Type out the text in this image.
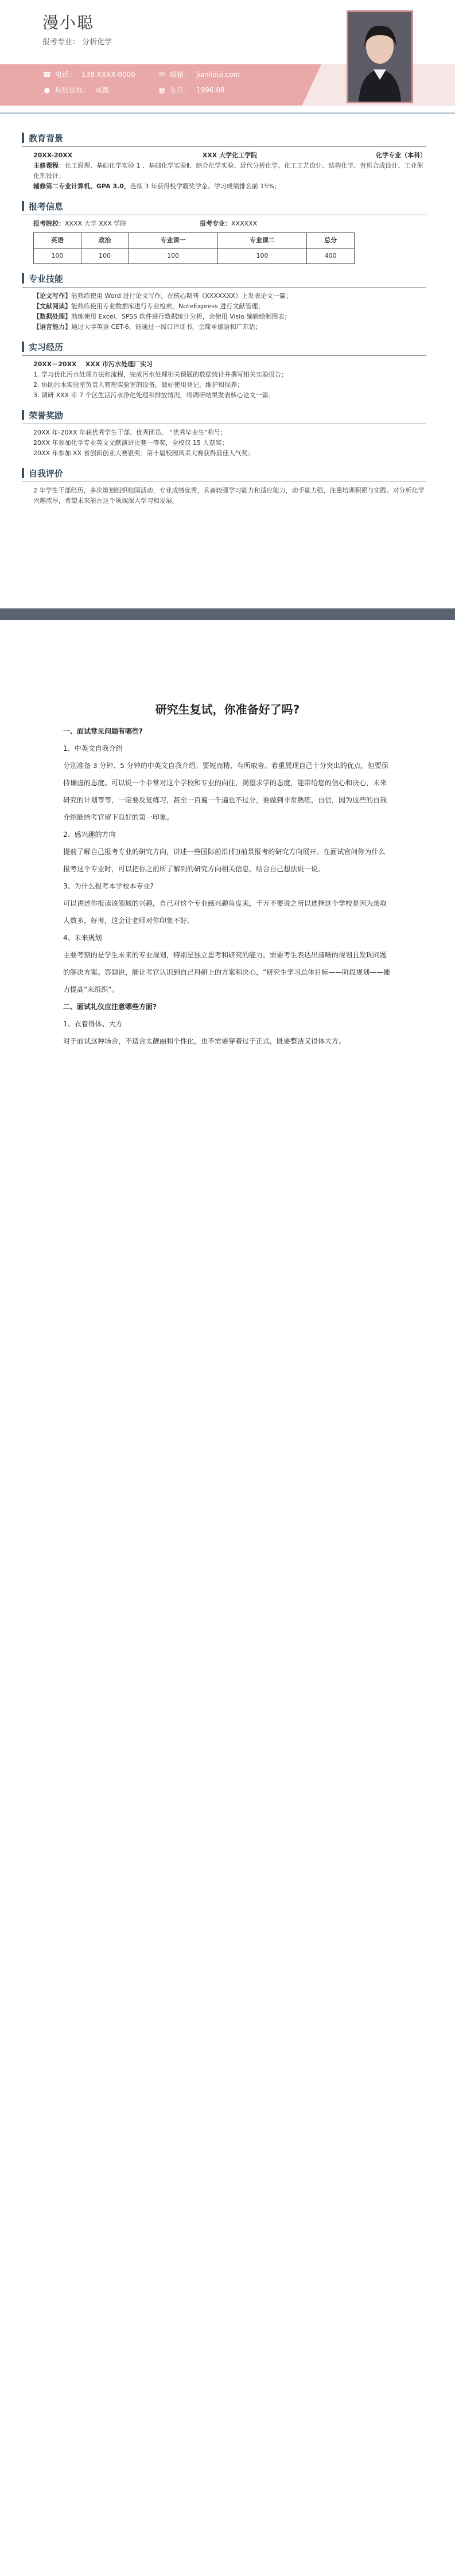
漫小聪
报考专业： 分析化学
☎ 电话： 138-XXXX-0000	✉ 邮箱： jianlidui.com
● 现居住地： 成都	▦ 生日： 1996.08
教育背景
20XX-20XX	XXX 大学化工学院	化学专业（本科）
主修课程：化工原理、基础化学实验 1 、基础化学实验Ⅱ、综合化学实验、近代分析化学、化工工艺设计、结构化学、有机合成设计、工业催化剂设计；
辅修第二专业计算机、GPA 3.0，连续 3 年获得校学霸奖学金。学习成绩排名前 15%；
报考信息
报考院校：XXXX 大学 XXX 学院	报考专业：XXXXXX
英语	政治	专业课一	专业课二	总分
100	100	100	100	400
专业技能
【论文写作】能熟练使用 Word 进行论文写作，在核心期刊《XXXXXXX》上发表论文一篇；
【文献阅读】能熟练使用专业数据库进行专业检索，NoteExpress 进行文献管理；
【数据处理】熟练使用 Excel、SPSS 软件进行数据统计分析，会使用 Visio 编辑绘制图表；
【语言能力】通过大学英语 CET-6，能通过一级口译证书，会简单德语和广东话；
实习经历
20XX－20XX XXX 市污水处理厂实习
1. 学习优化污水处理方法和流程，完成污水处理相关课题的数据统计并撰写相关实验报告；
2. 协助污水实验室负责人管理实验室的设备，做好使用登记，维护和保养；
3. 调研 XXX 市 7 个区生活污水净化处理和排放情况，将调研结果发表核心论文一篇；
荣誉奖励
20XX 年-20XX 年获优秀学生干部、优秀团员、 “优秀毕业生”称号；
20XX 年参加化学专业英文文献演讲比赛一等奖，全校仅 15 人获奖；
20XX 年参加 XX 省创新创业大赛银奖；第十届校园风采大赛获得最佳人气奖；
自我评价
2 年学生干部经历，多次策划组织校园活动，专业成绩优秀，具备较强学习能力和适应能力，动手能力强，注重培训积累与实践。对分析化学兴趣浓厚，希望未来能在这个领域深入学习和发展。
研究生复试，你准备好了吗?

一、面试常见问题有哪些?

1、中英文自我介绍

分别准备 3 分钟、5 分钟的中英文自我介绍。要短而精、有所取舍。着重展现自己十分突出的优点，但要保持谦虚的态度。可以说一个非常对这个学校和专业的向往，渴望求学的态度，能带给您的信心和决心，未来研究的计划等等，一定要反复练习，甚至一百遍一千遍也不过分，要做到非常熟练，自信，因为这些的自我介绍能给考官留下良好的第一印象。

2、感兴趣的方向

提前了解自己报考专业的研究方向，讲述一些国际前沿(们)前景报考的研究方向展开。在面试官问你为什么报考这个专业时，可以把你之前所了解到的研究方向相关信息，结合自己想法说一说。

3、为什么报考本学校本专业?

可以讲述你报读该领域的兴趣，自己对这个专业感兴趣角度来，千万不要说之所以选择这个学校是因为录取人数多，好考，这会让老师对你印象不好。

4、未来规划

主要考察的是学生未来的专业规划，特别是独立思考和研究的能力。需要考生表达出清晰的规划且发现问题的解决方案。答题说，能让考官认识到自己科研上的方案和决心，“研究生学习总体目标——阶段规划——能力提高”来组织”。

二、面试礼仪应注意哪些方面?

1、衣着得体、大方

对于面试这种场合，不适合太靓丽和个性化，也不需要穿着过于正式，既要整洁又得体大方。
